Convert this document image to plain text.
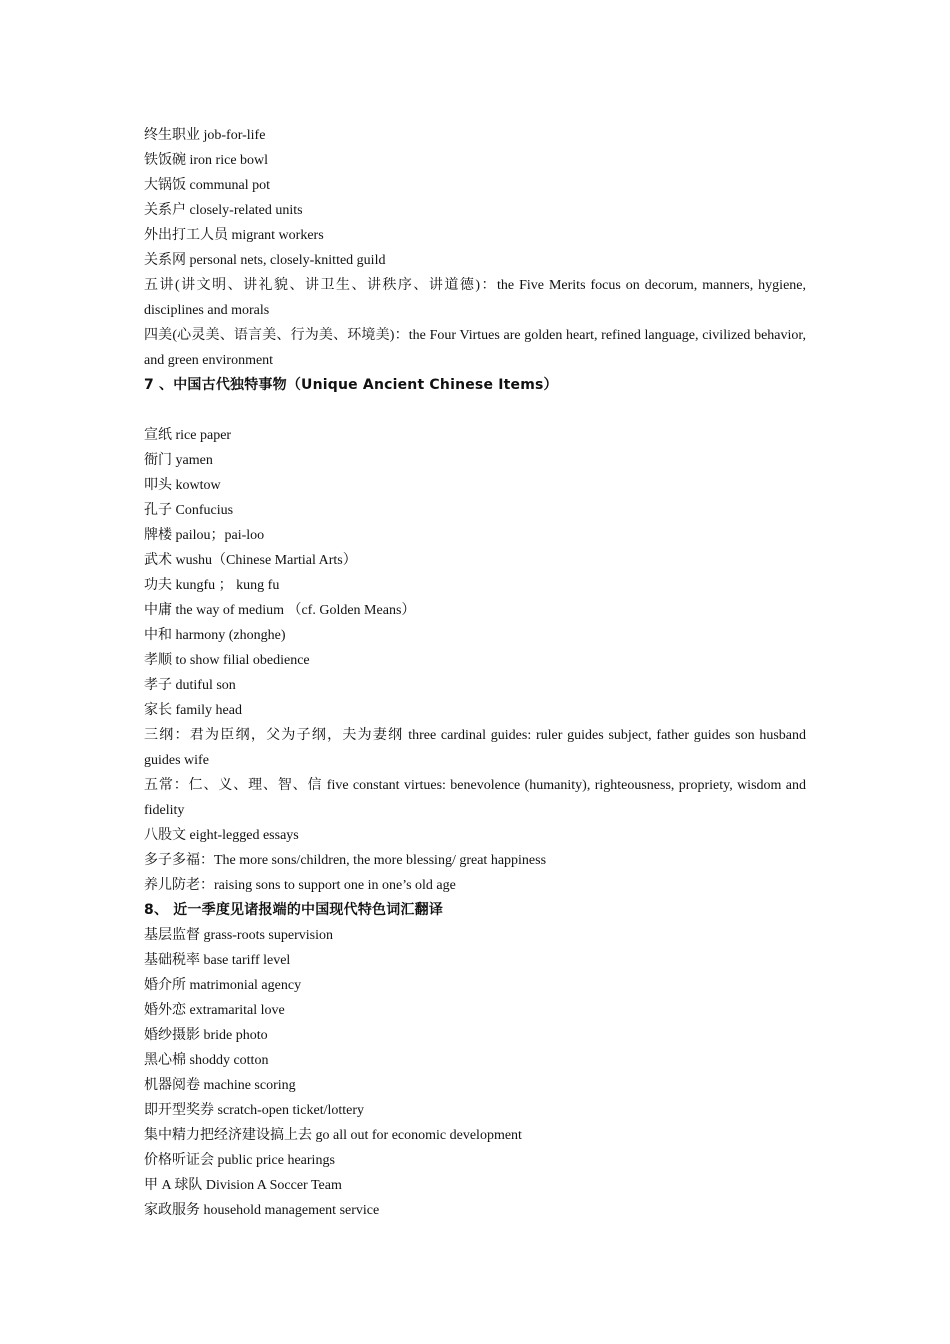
终生职业 job-for-life

铁饭碗 iron rice bowl

大锅饭 communal pot

关系户 closely-related units

外出打工人员 migrant workers

关系网 personal nets, closely-knitted guild

五讲(讲文明、讲礼貌、讲卫生、讲秩序、讲道德)：the Five Merits focus on decorum, manners, hygiene, disciplines and morals

四美(心灵美、语言美、行为美、环境美)：the Four Virtues are golden heart, refined language, civilized behavior, and green environment

7 、中国古代独特事物（Unique Ancient Chinese Items）

宣纸 rice paper

衙门 yamen

叩头 kowtow

孔子 Confucius

牌楼 pailou；pai-loo

武术 wushu（Chinese Martial Arts）

功夫 kungfu ； kung fu

中庸 the way of medium （cf. Golden Means）

中和 harmony (zhonghe)

孝顺 to show filial obedience

孝子 dutiful son

家长 family head

三纲：君为臣纲，父为子纲，夫为妻纲 three cardinal guides: ruler guides subject, father guides son husband guides wife

五常：仁、义、理、智、信 five constant virtues: benevolence (humanity), righteousness, propriety, wisdom and fidelity

八股文 eight-legged essays

多子多福：The more sons/children, the more blessing/ great happiness

养儿防老：raising sons to support one in one’s old age

8、 近一季度见诸报端的中国现代特色词汇翻译

基层监督 grass-roots supervision

基础税率 base tariff level

婚介所 matrimonial agency

婚外恋 extramarital love

婚纱摄影 bride photo

黑心棉 shoddy cotton

机器阅卷 machine scoring

即开型奖券 scratch-open ticket/lottery

集中精力把经济建设搞上去 go all out for economic development

价格听证会 public price hearings

甲 A 球队 Division A Soccer Team

家政服务 household management service
